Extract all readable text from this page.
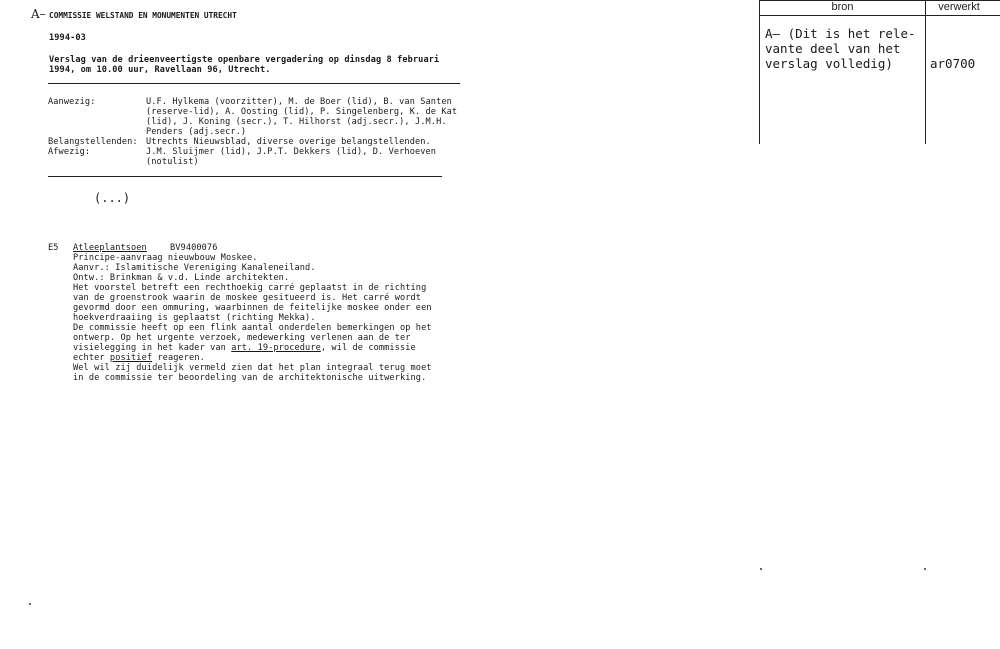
A– COMMISSIE WELSTAND EN MONUMENTEN UTRECHT
1994-03
Verslag van de drieenveertigste openbare vergadering op dinsdag 8 februari
1994, om 10.00 uur, Ravellaan 96, Utrecht.
Aanwezig:	U.F. Hylkema (voorzitter), M. de Boer (lid), B. van Santen
(reserve-lid), A. Oosting (lid), P. Singelenberg, K. de Kat
(lid), J. Koning (secr.), T. Hilhorst (adj.secr.), J.M.H.
Penders (adj.secr.)
Belangstellenden: Utrechts Nieuwsblad, diverse overige belangstellenden.
Afwezig:	J.M. Sluijmer (lid), J.P.T. Dekkers (lid), D. Verhoeven
(notulist)
(...)
E5 Atleeplantsoen	BV9400076
Principe-aanvraag nieuwbouw Moskee.
Aanvr.: Islamitische Vereniging Kanaleneiland.
Ontw.: Brinkman & v.d. Linde architekten.
Het voorstel betreft een rechthoekig carré geplaatst in de richting
van de groenstrook waarin de moskee gesitueerd is. Het carré wordt
gevormd door een ommuring, waarbinnen de feitelijke moskee onder een
hoekverdraaiing is geplaatst (richting Mekka).
De commissie heeft op een flink aantal onderdelen bemerkingen op het
ontwerp. Op het urgente verzoek, medewerking verlenen aan de ter
visielegging in het kader van art. 19-procedure, wil de commissie
echter positief reageren.
Wel wil zij duidelijk vermeld zien dat het plan integraal terug moet
in de commissie ter beoordeling van de architektonische uitwerking.
bron	verwerkt
A– (Dit is het rele-
vante deel van het
verslag volledig)	ar0700
